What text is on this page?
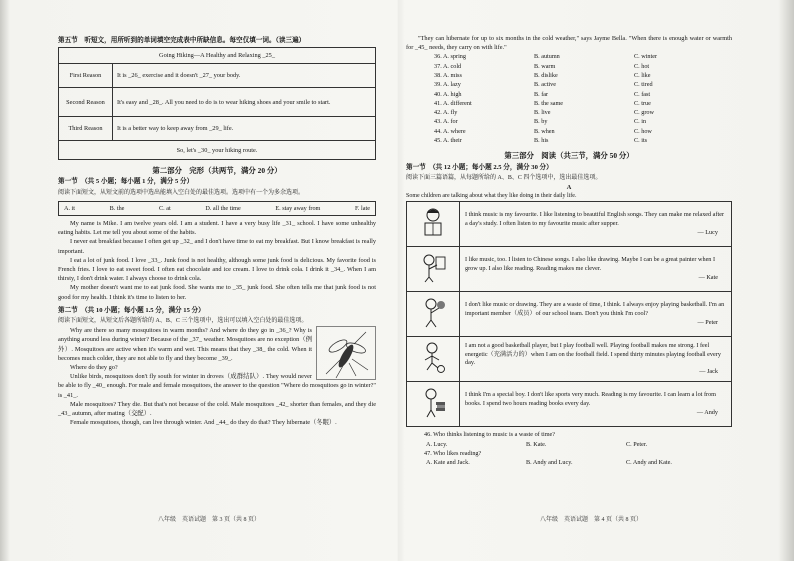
第五节　听短文，用所听到的单词填空完成表中所缺信息。每空仅填一词。（读三遍）
Going Hiking—A Healthy and Relaxing _25_	
First Reason	It is _26_ exercise and it doesn't _27_ your body.
Second Reason	It's easy and _28_. All you need to do is to wear hiking shoes and your smile to start.
Third Reason	It is a better way to keep away from _29_ life.
So, let's _30_ your hiking route.	
第二部分　完形（共两节，满分 20 分）
第一节　（共 5 小题；每小题 1 分，满分 5 分）
阅读下面短文，从短文前的选项中选出能填入空白处的最佳选项。选项中有一个为多余选项。
A. it	B. the	C. at	D. all the time	E. stay away from	F. late

My name is Mike. I am twelve years old. I am a student. I have a very busy life _31_ school. I have some unhealthy eating habits. Let me tell you about some of the habits.

I never eat breakfast because I often get up _32_ and I don't have time to eat my breakfast. But I know breakfast is really important.

I eat a lot of junk food. I love _33_. Junk food is not healthy, although some junk food is delicious. My favorite food is French fries. I love to eat sweet food. I often eat chocolate and ice cream. I love to drink cola. I drink it _34_. When I am thirsty, I don't drink water. I always choose to drink cola.

My mother doesn't want me to eat junk food. She wants me to _35_ junk food. She often tells me that junk food is not good for my health. I think it's time to listen to her.

第二节　（共 10 小题；每小题 1.5 分，满分 15 分）
阅读下面短文，从短文后各题所给的 A、B、C 三个选项中，选出可以填入空白处的最佳选项。

Why are there so many mosquitoes in warm months? And where do they go in _36_? Why is anything around less during winter? Because of the _37_ weather. Mosquitoes are no exception（例外）. Mosquitoes are active when it's warm and wet. This means that they _38_ the cold. When it becomes much colder, they are not able to fly and they become _39_.

Where do they go?

Unlike birds, mosquitoes don't fly south for winter in droves（成群结队）. They would never be able to fly _40_ enough. For male and female mosquitoes, the answer to the question "Where do mosquitoes go in winter?" is _41_.

Male mosquitoes? They die. But that's not because of the cold. Male mosquitoes _42_ shorter than females, and they die _43_ autumn, after mating（交配）.

Female mosquitoes, though, can live through winter. And _44_ do they do that? They hibernate（冬眠）.

八年级　英语试题　第 3 页（共 8 页）

"They can hibernate for up to six months in the cold weather," says Jayme Bella. "When there is enough water or warmth for _45_ needs, they carry on with life."

36. A. spring	B. autumn	C. winter
37. A. cold	B. warm	C. hot
38. A. miss	B. dislike	C. like
39. A. lazy	B. active	C. tired
40. A. high	B. far	C. fast
41. A. different	B. the same	C. true
42. A. fly	B. live	C. grow
43. A. for	B. by	C. in
44. A. where	B. when	C. how
45. A. their	B. his	C. its
第三部分　阅读（共三节，满分 50 分）
第一节　（共 12 小题；每小题 2.5 分，满分 30 分）
阅读下面三篇语篇，从每题所给的 A、B、C 四个选项中，选出最佳选项。
A
Some children are talking about what they like doing in their daily life.

I think music is my favourite. I like listening to beautiful English songs. They can make me relaxed after a day's study. I often listen to my favourite music after supper.
— Lucy

I like music, too. I listen to Chinese songs. I also like drawing. Maybe I can be a great painter when I grow up. I also like reading. Reading makes me clever.
— Kate

I don't like music or drawing. They are a waste of time, I think. I always enjoy playing basketball. I'm an important member（成员）of our school team. Don't you think I'm cool?
— Peter

I am not a good basketball player, but I play football well. Playing football makes me strong. I feel energetic（充满活力的）when I am on the football field. I spend thirty minutes playing football every day.
— Jack

I think I'm a special boy. I don't like sports very much. Reading is my favourite. I can learn a lot from books. I spend two hours reading books every day.
— Andy
46. Who thinks listening to music is a waste of time?
A. Lucy.	B. Kate.	C. Peter.
47. Who likes reading?
A. Kate and Jack.	B. Andy and Lucy.	C. Andy and Kate.
八年级　英语试题　第 4 页（共 8 页）
